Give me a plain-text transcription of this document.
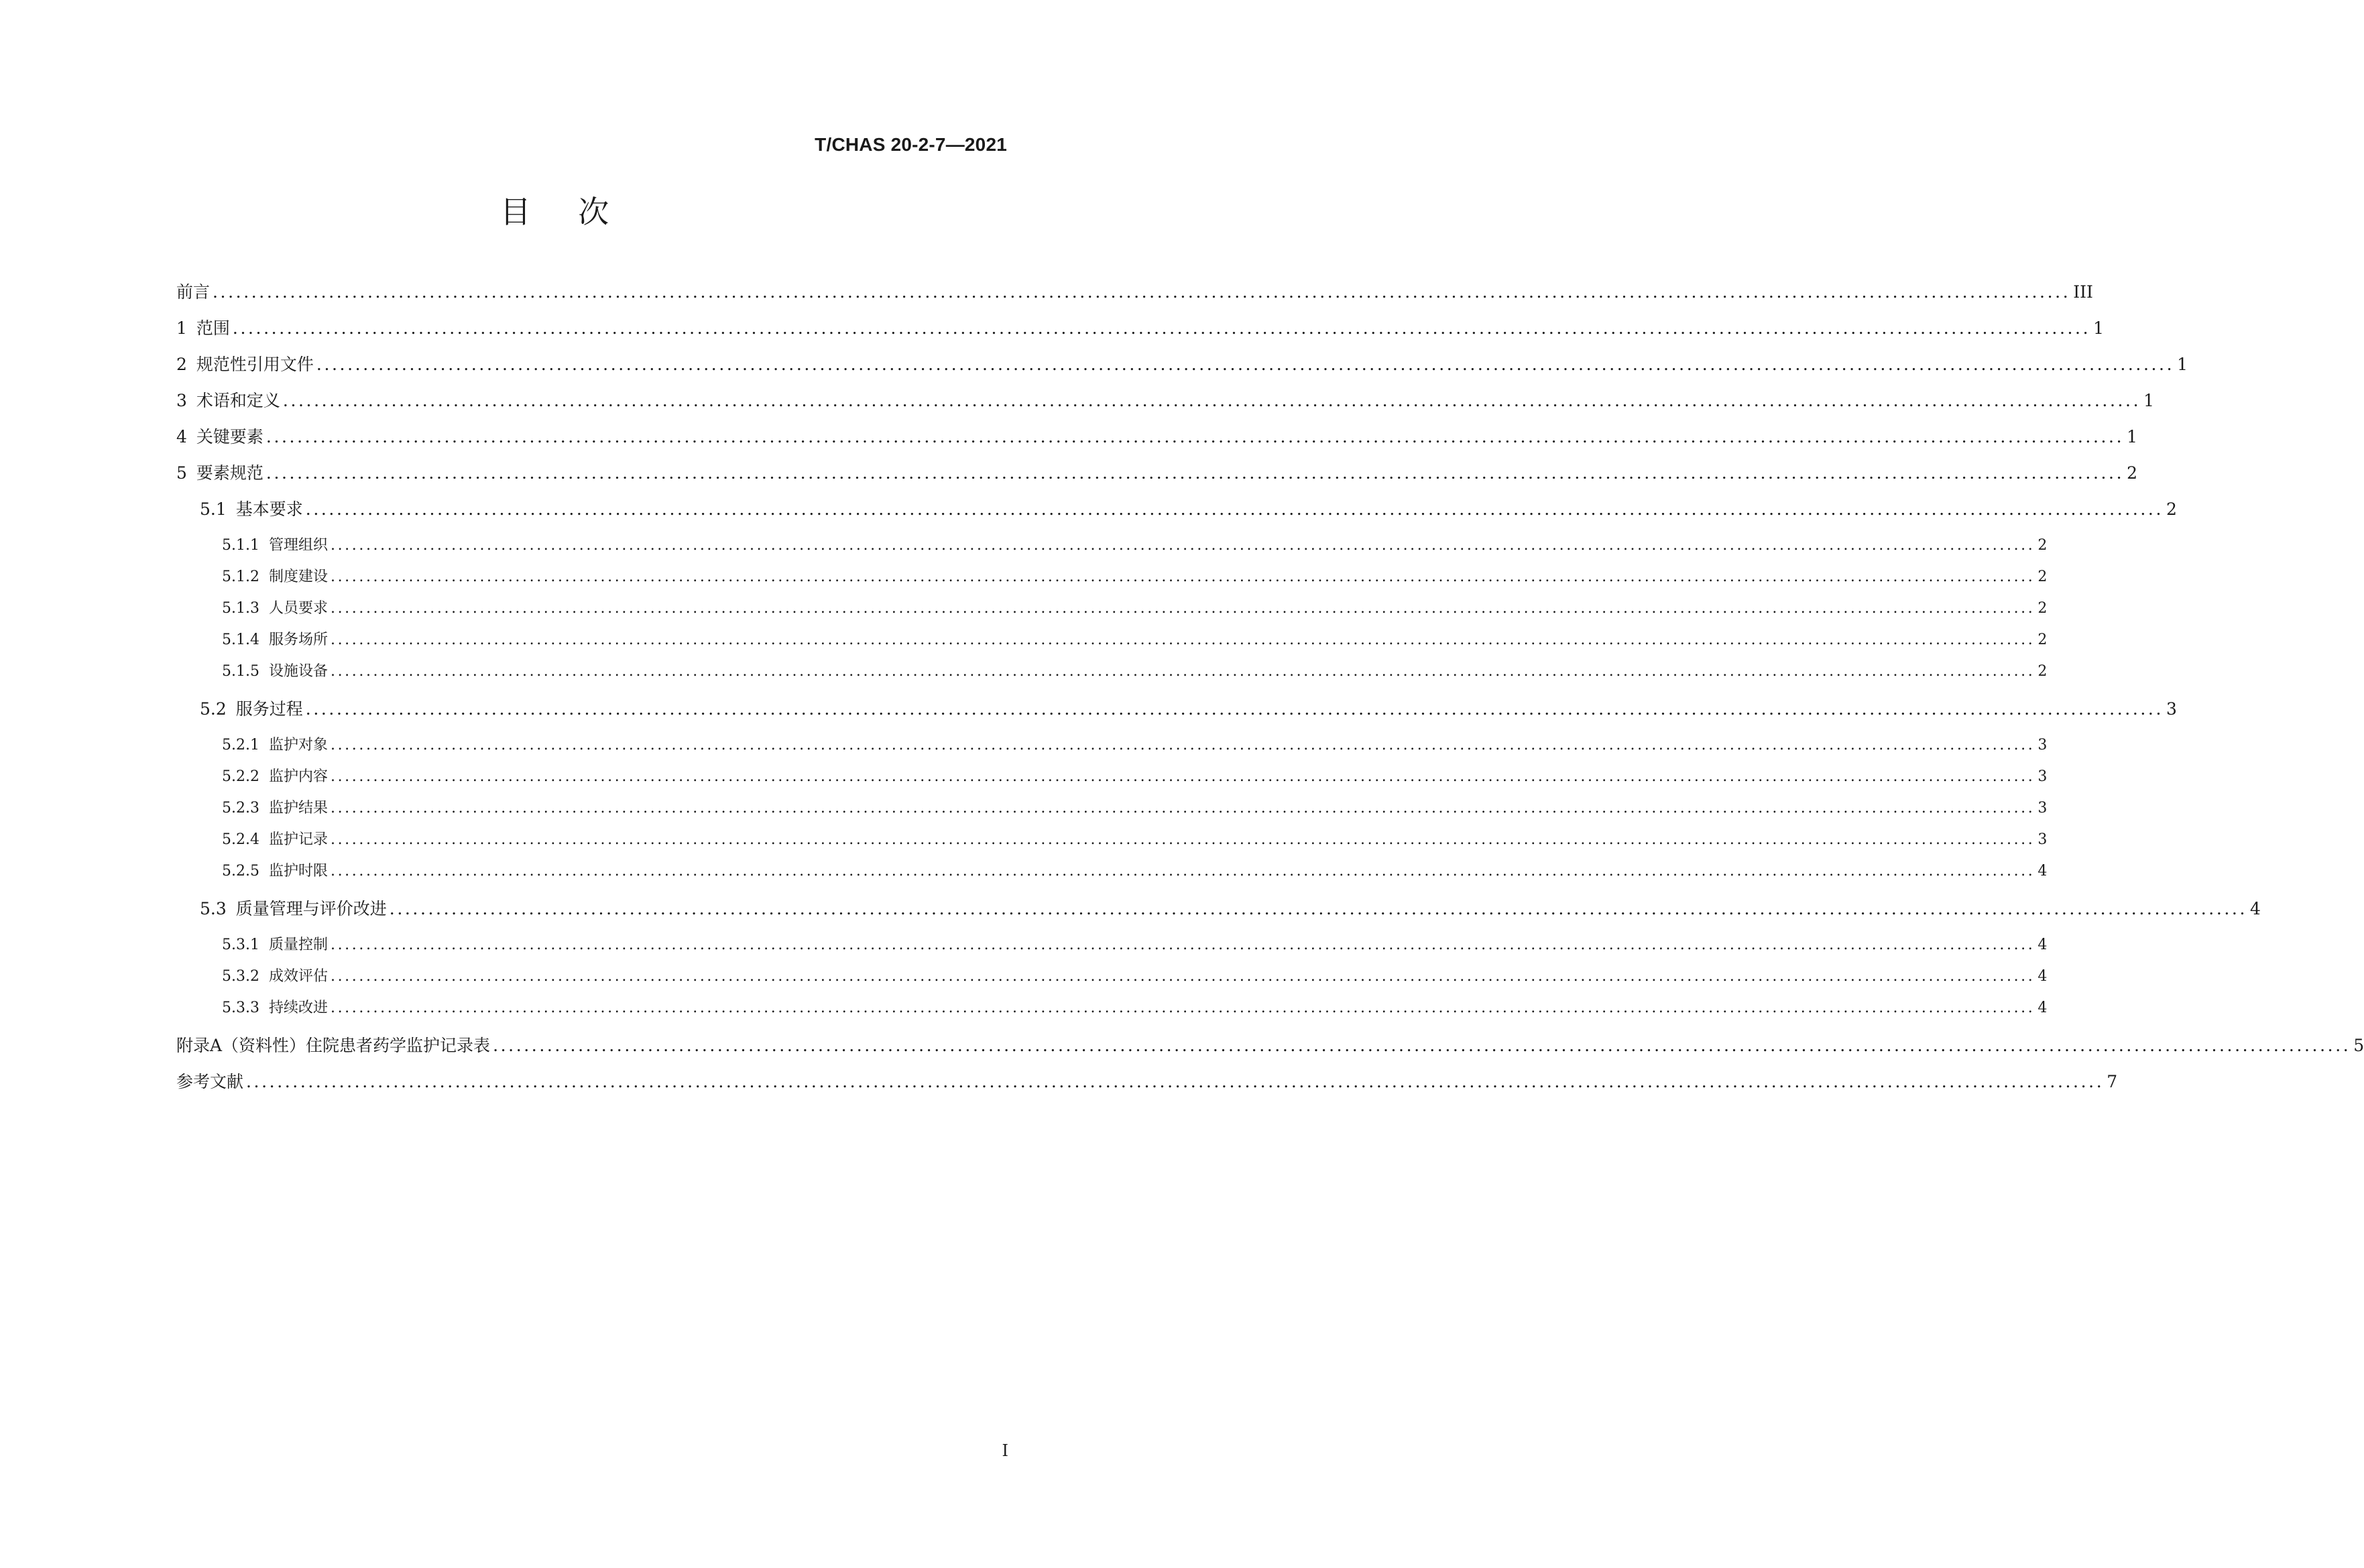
T/CHAS 20-2-7—2021
目 次
前言 ................................................................................................................................................................................................................................................ III
1 范围 ................................................................................................................................................................................................................................................ 1
2 规范性引用文件 ................................................................................................................................................................................................................................................ 1
3 术语和定义 ................................................................................................................................................................................................................................................ 1
4 关键要素 ................................................................................................................................................................................................................................................ 1
5 要素规范 ................................................................................................................................................................................................................................................ 2
5.1 基本要求 ................................................................................................................................................................................................................................................ 2
5.1.1 管理组织 ................................................................................................................................................................................................................................................ 2
5.1.2 制度建设 ................................................................................................................................................................................................................................................ 2
5.1.3 人员要求 ................................................................................................................................................................................................................................................ 2
5.1.4 服务场所 ................................................................................................................................................................................................................................................ 2
5.1.5 设施设备 ................................................................................................................................................................................................................................................ 2
5.2 服务过程 ................................................................................................................................................................................................................................................ 3
5.2.1 监护对象 ................................................................................................................................................................................................................................................ 3
5.2.2 监护内容 ................................................................................................................................................................................................................................................ 3
5.2.3 监护结果 ................................................................................................................................................................................................................................................ 3
5.2.4 监护记录 ................................................................................................................................................................................................................................................ 3
5.2.5 监护时限 ................................................................................................................................................................................................................................................ 4
5.3 质量管理与评价改进 ................................................................................................................................................................................................................................................ 4
5.3.1 质量控制 ................................................................................................................................................................................................................................................ 4
5.3.2 成效评估 ................................................................................................................................................................................................................................................ 4
5.3.3 持续改进 ................................................................................................................................................................................................................................................ 4
附录A（资料性）住院患者药学监护记录表 ................................................................................................................................................................................................................................................ 5
参考文献 ................................................................................................................................................................................................................................................ 7
I
